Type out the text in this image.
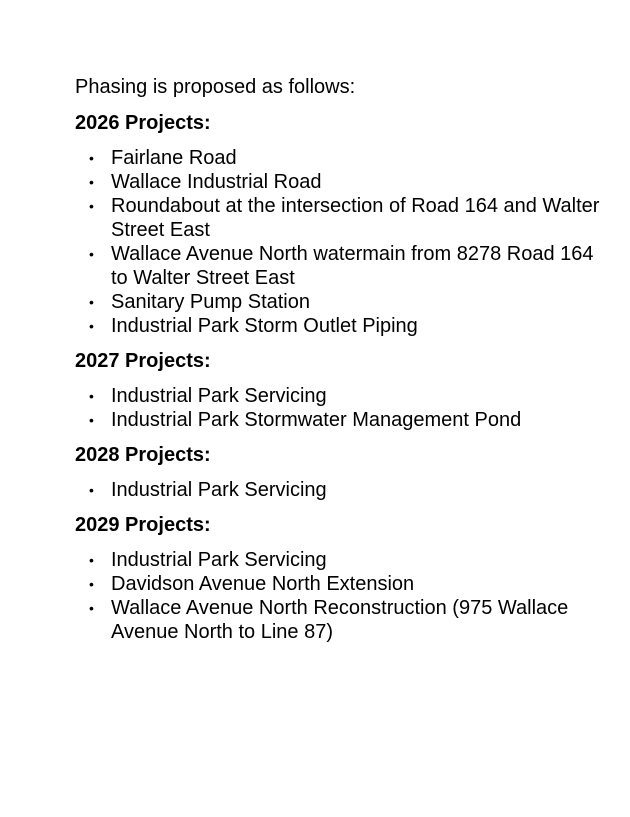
Phasing is proposed as follows:

2026 Projects:
• Fairlane Road
• Wallace Industrial Road
• Roundabout at the intersection of Road 164 and Walter Street East
• Wallace Avenue North watermain from 8278 Road 164 to Walter Street East
• Sanitary Pump Station
• Industrial Park Storm Outlet Piping
2027 Projects:
• Industrial Park Servicing
• Industrial Park Stormwater Management Pond
2028 Projects:
• Industrial Park Servicing
2029 Projects:
• Industrial Park Servicing
• Davidson Avenue North Extension
• Wallace Avenue North Reconstruction (975 Wallace Avenue North to Line 87)
